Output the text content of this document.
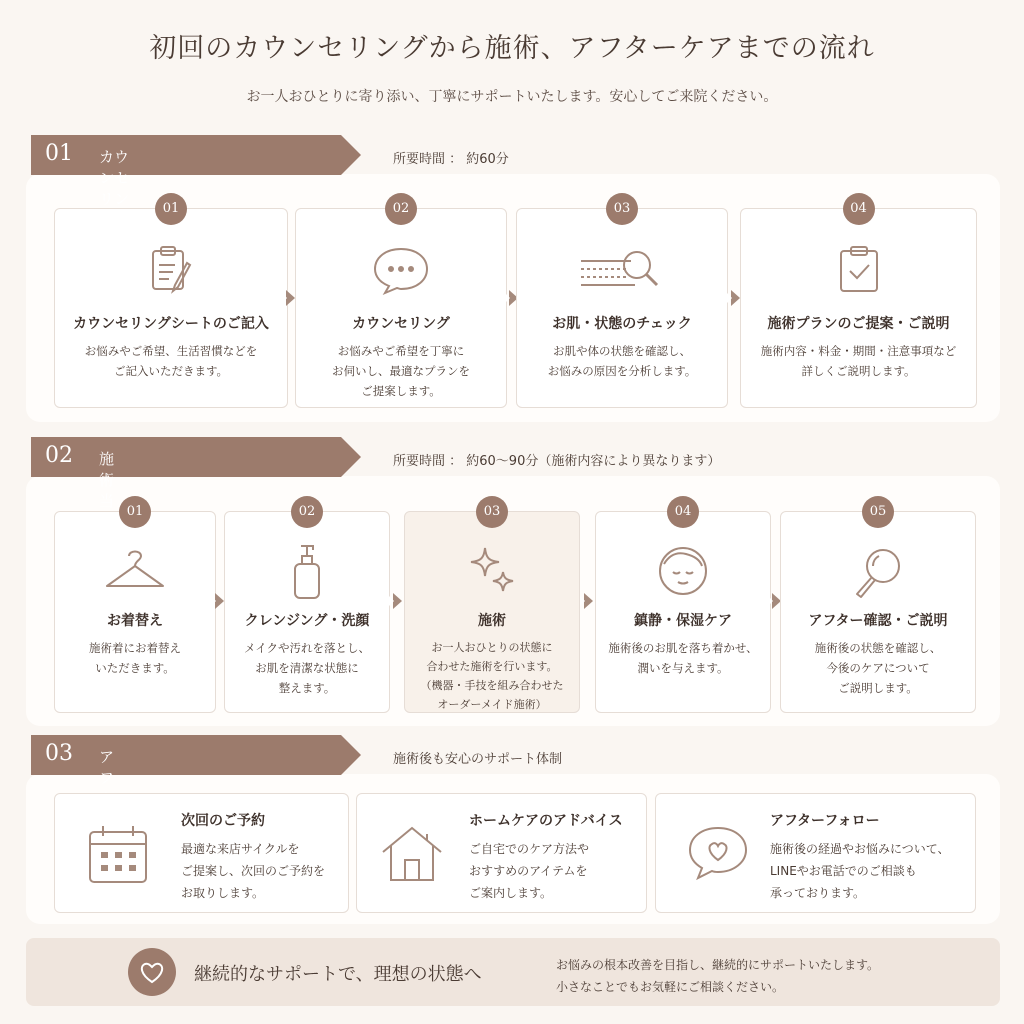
初回のカウンセリングから施術、アフターケアまでの流れ
お一人おひとりに寄り添い、丁寧にサポートいたします。安心してご来院ください。
01 カウンセリン
所要時間 ： 約60分
01
カウンセリングシートのご記入
お悩みやご希望、生活習慣などを
ご記入いただきます。
02
カウンセリング
お悩みやご希望を丁寧に
お伺いし、最適なプランを
ご提案します。
03
お肌・状態のチェック
お肌や体の状態を確認し、
お悩みの原因を分析します。
04
施術プランのご提案・ご説明
施術内容・料金・期間・注意事項など
詳しくご説明します。
02 施術当
所要時間 ： 約60〜90分（施術内容により異なります）
01
お着替え
施術着にお着替え
いただきます。
02
クレンジング・洗顔
メイクや汚れを落とし、
お肌を清潔な状態に
整えます。
03
施術
お一人おひとりの状態に
合わせた施術を行います。
（機器・手技を組み合わせた
オーダーメイド施術）
04
鎮静・保湿ケア
施術後のお肌を落ち着かせ、
潤いを与えます。
05
アフター確認・ご説明
施術後の状態を確認し、
今後のケアについて
ご説明します。
03 アフ
施術後も安心のサポート体制
次回のご予約
最適な来店サイクルを
ご提案し、次回のご予約を
お取りします。
ホームケアのアドバイス
ご自宅でのケア方法や
おすすめのアイテムを
ご案内します。
アフターフォロー
施術後の経過やお悩みについて、
LINEやお電話でのご相談も
承っております。
継続的なサポートで、理想の状態へ	お悩みの根本改善を目指し、継続的にサポートいたします。
小さなことでもお気軽にご相談ください。
